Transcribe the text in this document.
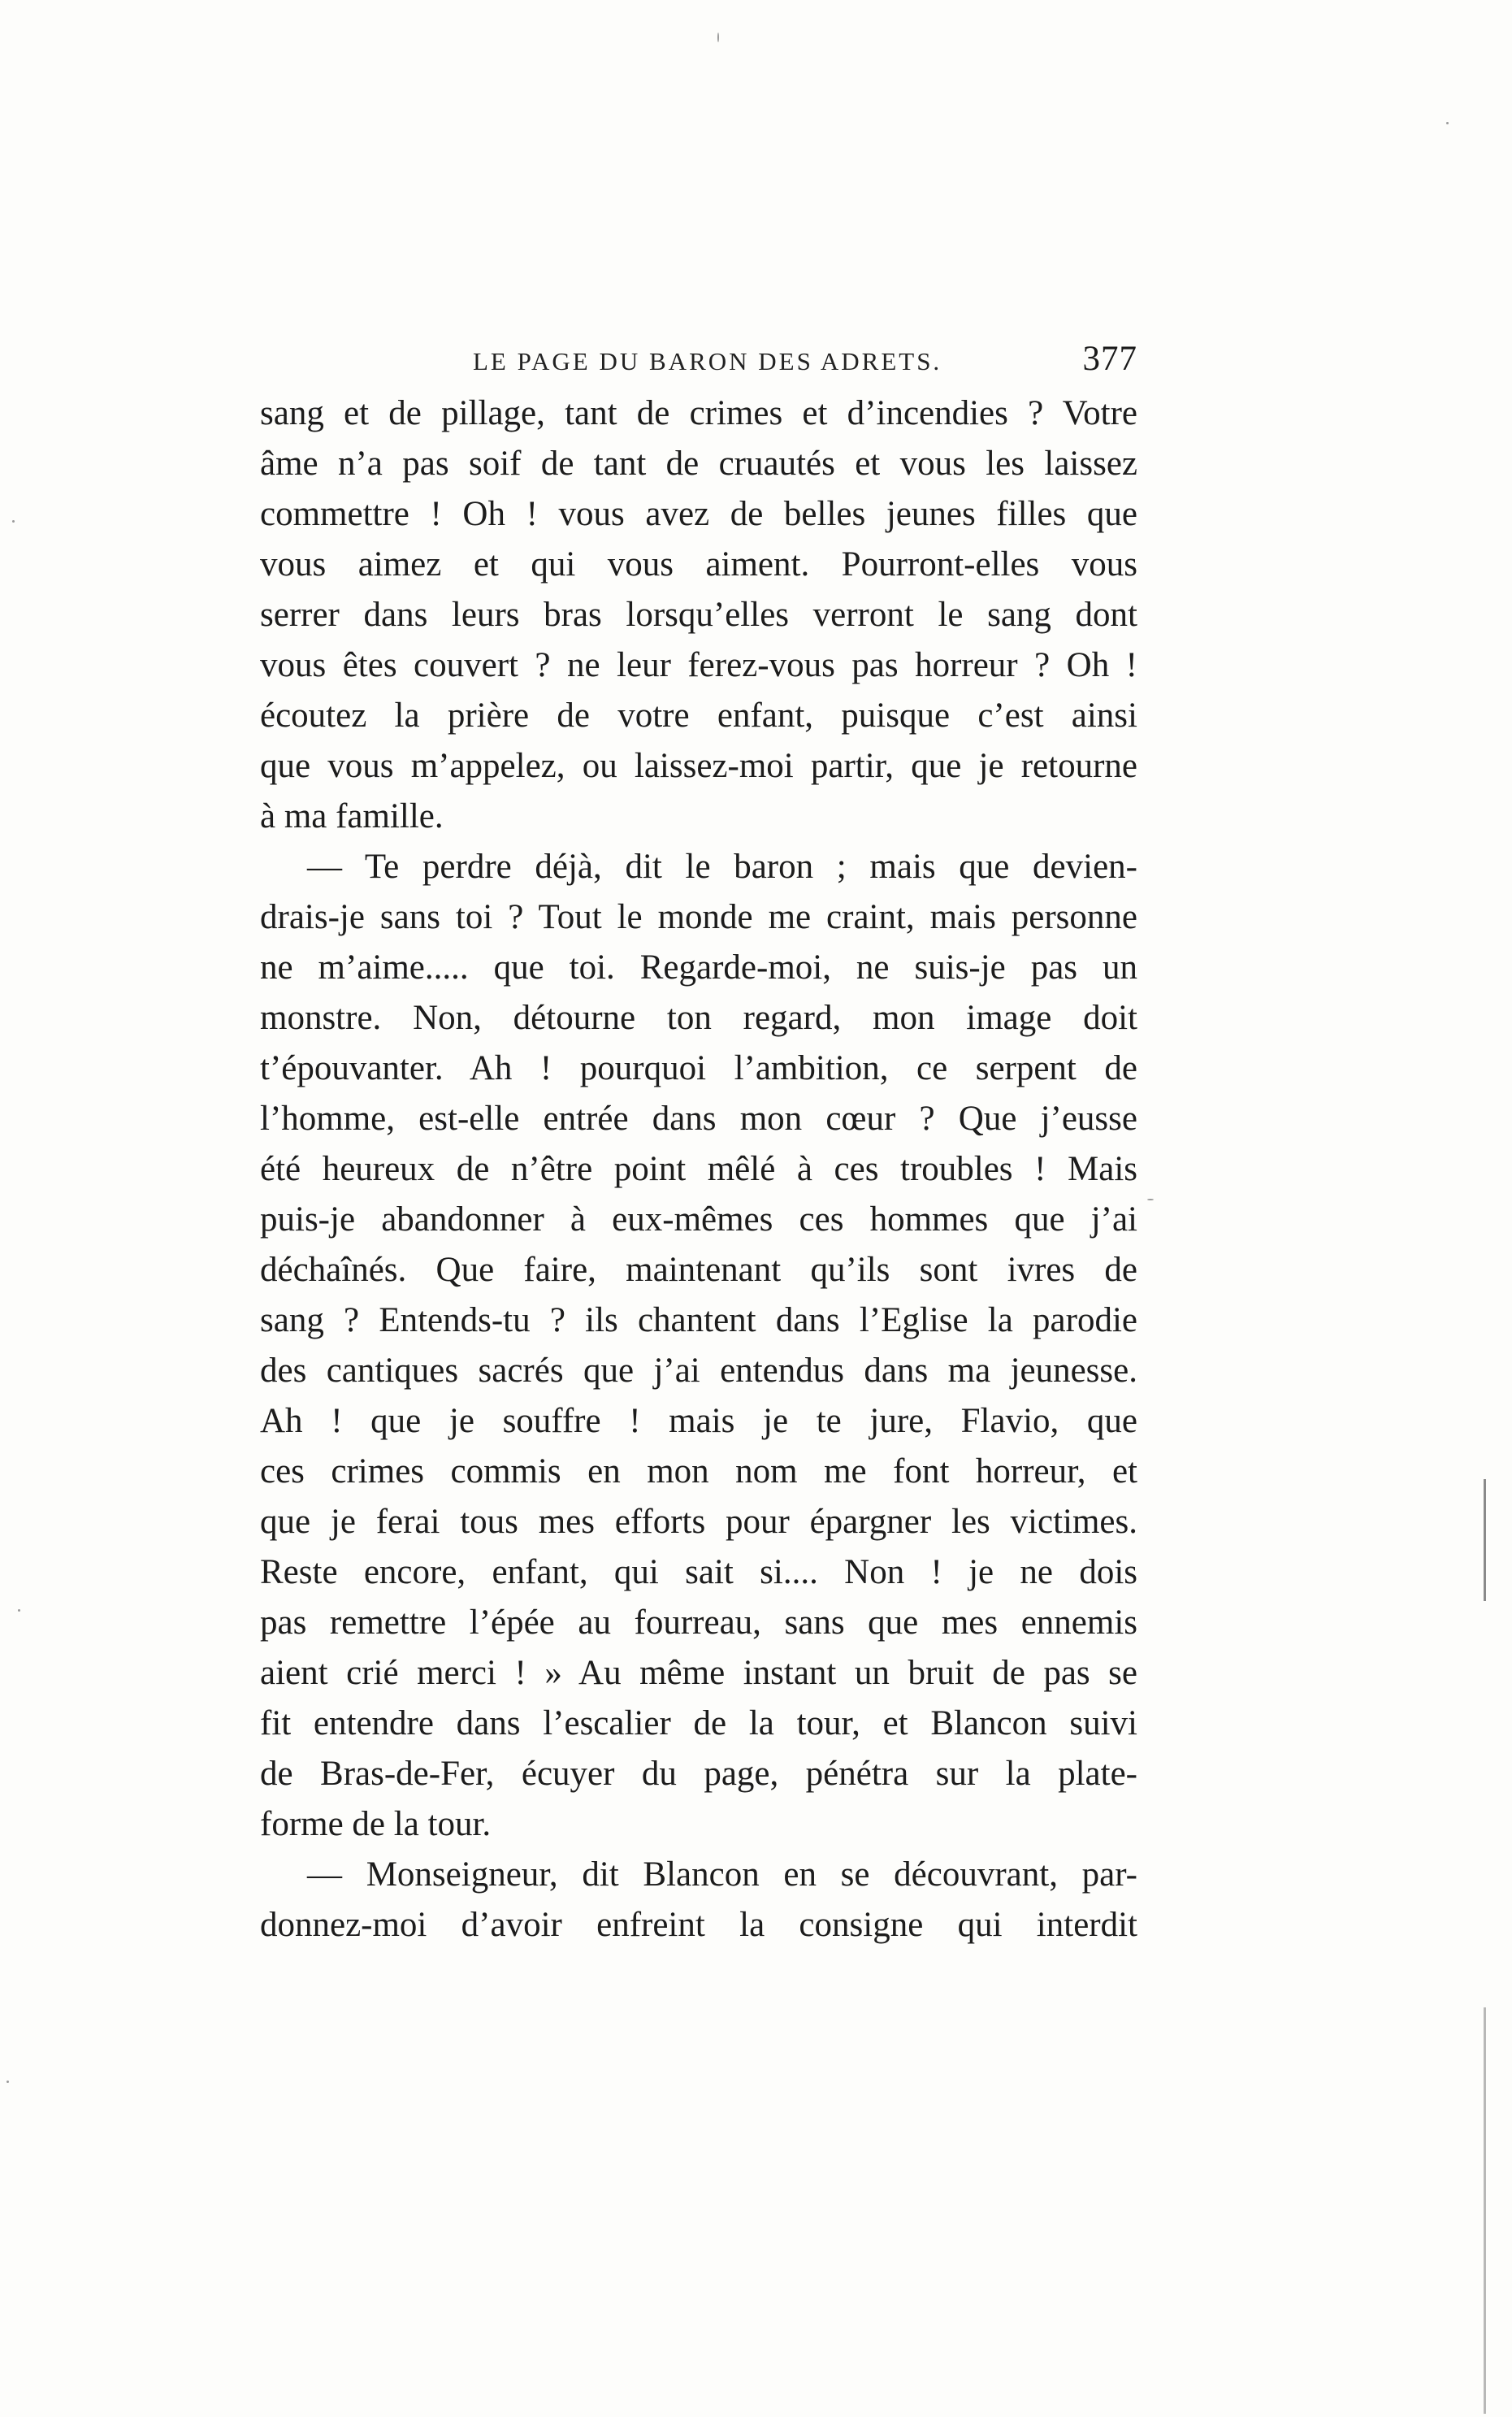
LE PAGE DU BARON DES ADRETS.	377
sang et de pillage, tant de crimes et d’incendies ? Votre
âme n’a pas soif de tant de cruautés et vous les laissez
commettre ! Oh ! vous avez de belles jeunes filles que
vous aimez et qui vous aiment. Pourront-elles vous
serrer dans leurs bras lorsqu’elles verront le sang dont
vous êtes couvert ? ne leur ferez-vous pas horreur ? Oh !
écoutez la prière de votre enfant, puisque c’est ainsi
que vous m’appelez, ou laissez-moi partir, que je retourne
à ma famille.
— Te perdre déjà, dit le baron ; mais que devien-
drais-je sans toi ? Tout le monde me craint, mais personne
ne m’aime..... que toi. Regarde-moi, ne suis-je pas un
monstre. Non, détourne ton regard, mon image doit
t’épouvanter. Ah ! pourquoi l’ambition, ce serpent de
l’homme, est-elle entrée dans mon cœur ? Que j’eusse
été heureux de n’être point mêlé à ces troubles ! Mais
puis-je abandonner à eux-mêmes ces hommes que j’ai
déchaînés. Que faire, maintenant qu’ils sont ivres de
sang ? Entends-tu ? ils chantent dans l’Eglise la parodie
des cantiques sacrés que j’ai entendus dans ma jeunesse.
Ah ! que je souffre ! mais je te jure, Flavio, que
ces crimes commis en mon nom me font horreur, et
que je ferai tous mes efforts pour épargner les victimes.
Reste encore, enfant, qui sait si.... Non ! je ne dois
pas remettre l’épée au fourreau, sans que mes ennemis
aient crié merci ! » Au même instant un bruit de pas se
fit entendre dans l’escalier de la tour, et Blancon suivi
de Bras-de-Fer, écuyer du page, pénétra sur la plate-
forme de la tour.
— Monseigneur, dit Blancon en se découvrant, par-
donnez-moi d’avoir enfreint la consigne qui interdit
